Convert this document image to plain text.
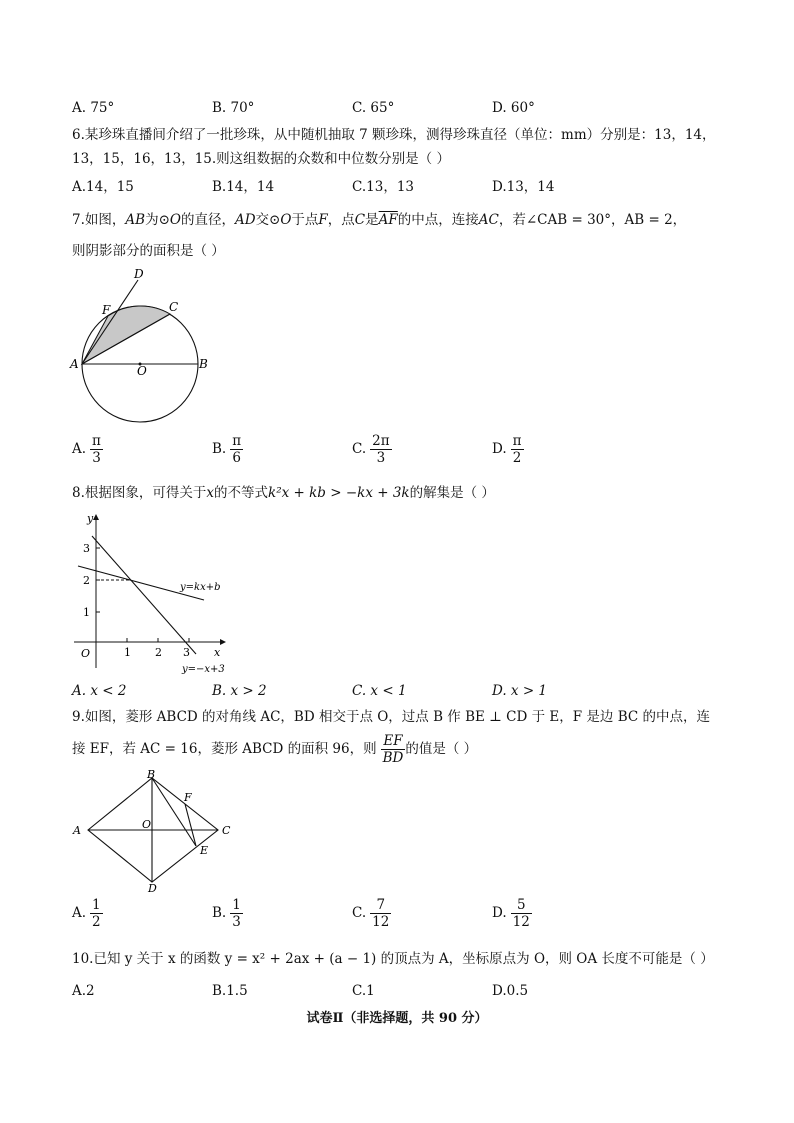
A. 75°	B. 70°	C. 65°	D. 60°
6.某珍珠直播间介绍了一批珍珠，从中随机抽取 7 颗珍珠，测得珍珠直径（单位：mm）分别是：13，14，
13，15，16，13，15.则这组数据的众数和中位数分别是（ ）
A.14，15	B.14，14	C.13，13	D.13，14
7.如图，AB为⊙O的直径，AD交⊙O于点F，点C是$\overline{AF}$的中点，连接AC，若∠CAB = 30°，AB = 2，
则阴影部分的面积是（ ）
D
F	C
A	O	B
A. $\frac{\pi}{3}$	B. $\frac{\pi}{6}$	C. $\frac{2\pi}{3}$	D. $\frac{\pi}{2}$
8.根据图象，可得关于x的不等式k²x + kb > −kx + 3k的解集是（ ）
y
x
O
1
2
3
1 2 3
y=kx+b
y=−x+3
A. x < 2	B. x > 2	C. x < 1	D. x > 1
9.如图，菱形 ABCD 的对角线 AC，BD 相交于点 O，过点 B 作 BE ⊥ CD 于 E，F 是边 BC 的中点，连
接 EF，若 AC = 16，菱形 ABCD 的面积 96，则 $\frac{EF}{BD}$ 的值是（ ）
B
F
A	O	C
E
D
A. $\frac{1}{2}$	B. $\frac{1}{3}$	C. $\frac{7}{12}$	D. $\frac{5}{12}$
10.已知 y 关于 x 的函数 y = x² + 2ax + (a − 1) 的顶点为 A，坐标原点为 O，则 OA 长度不可能是（ ）
A.2	B.1.5	C.1	D.0.5
试卷Ⅱ（非选择题，共 90 分）
